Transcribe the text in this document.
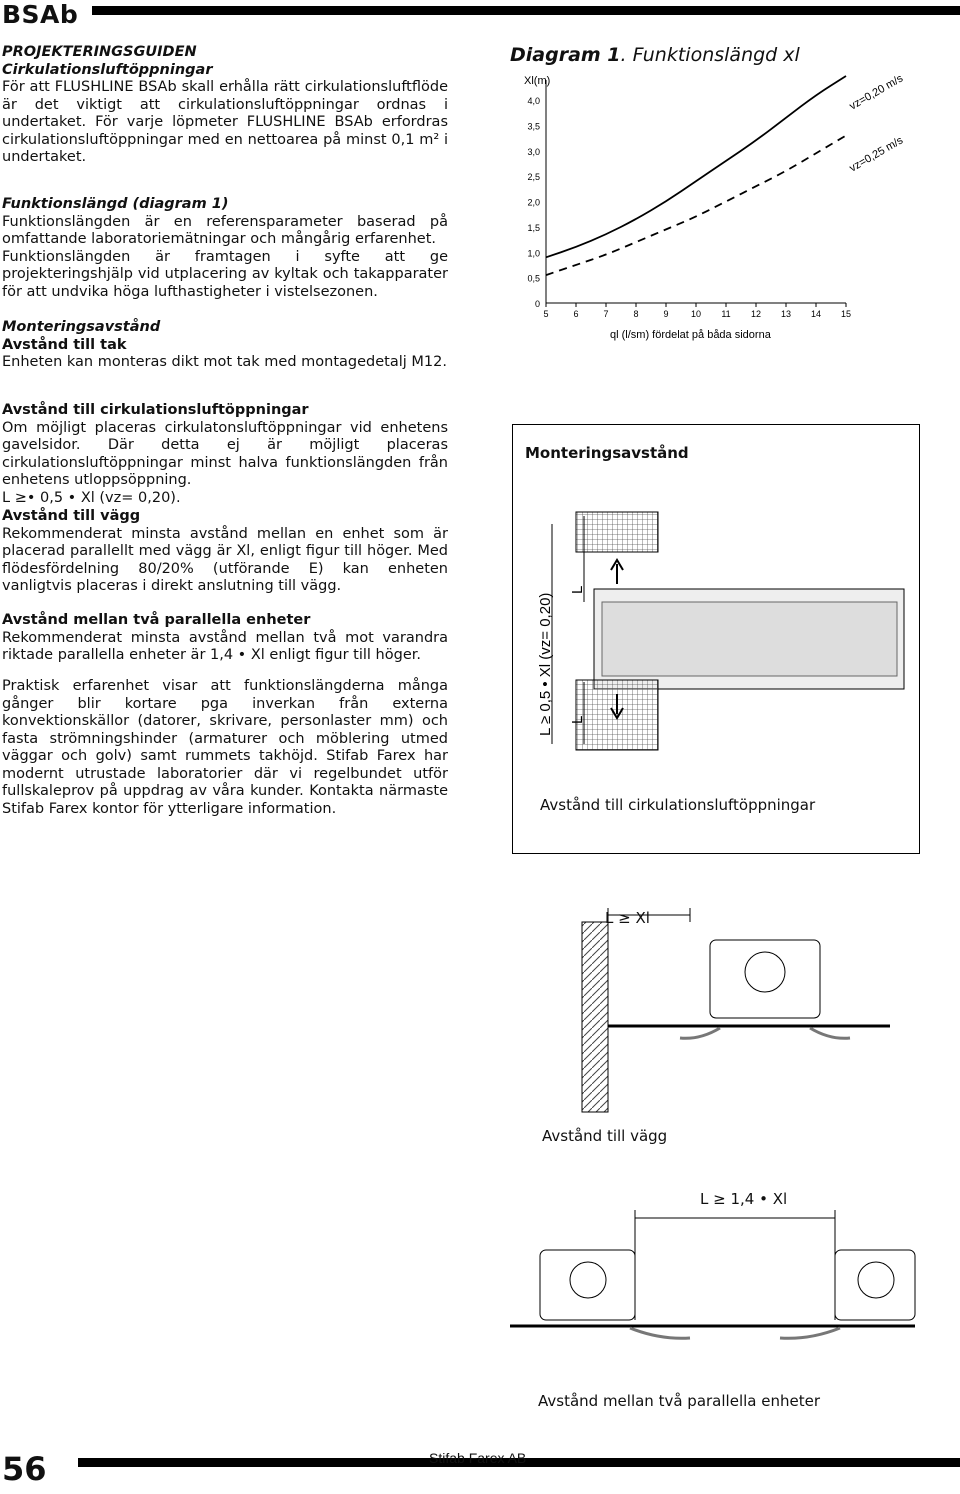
BSAb
56	Stifab Farex AB

PROJEKTERINGSGUIDEN

Cirkulationsluftöppningar

För att FLUSHLINE BSAb skall erhålla rätt cirkulationsluftflöde är det viktigt att cirkulationsluftöppningar ordnas i undertaket. För varje löpmeter FLUSHLINE BSAb erfordras cirkulationsluftöppningar med en nettoarea på minst 0,1 m² i undertaket.

Funktionslängd (diagram 1)

Funktionslängden är en referensparameter baserad på omfattande laboratoriemätningar och mångårig erfarenhet.

Funktionslängden är framtagen i syfte att ge projekteringshjälp vid utplacering av kyltak och takapparater för att undvika höga lufthastigheter i vistelsezonen.

Monteringsavstånd

Avstånd till tak

Enheten kan monteras dikt mot tak med montagedetalj M12.

Avstånd till cirkulationsluftöppningar

Om möjligt placeras cirkulatonsluftöppningar vid enhetens gavelsidor. Där detta ej är möjligt placeras cirkulationsluftöppningar minst halva funktionslängden från enhetens utloppsöppning.

L ≥• 0,5 • Xl (vz= 0,20).

Avstånd till vägg

Rekommenderat minsta avstånd mellan en enhet som är placerad parallellt med vägg är Xl, enligt figur till höger. Med flödesfördelning 80/20% (utförande E) kan enheten vanligtvis placeras i direkt anslutning till vägg.

Avstånd mellan två parallella enheter

Rekommenderat minsta avstånd mellan två mot varandra riktade parallella enheter är 1,4 • Xl enligt figur till höger.

Praktisk erfarenhet visar att funktionslängderna många gånger blir kortare pga inverkan från externa konvektionskällor (datorer, skrivare, personlaster mm) och fasta strömningshinder (armaturer och möblering utmed väggar och golv) samt rummets takhöjd. Stifab Farex har modernt utrustade laboratorier där vi regelbundet utför fullskaleprov på uppdrag av våra kunder. Kontakta närmaste Stifab Farex kontor för ytterligare information.

Diagram 1. Funktionslängd xl
0
0,5
1,0
1,5
2,0
2,5
3,0
3,5
4,0
5	6	7	8	9 10 11 12 13 14 15
Xl(m)
ql (l/sm) fördelat på båda sidorna
vz=0,20 m/s
vz=0,25 m/s
L ≥ 0,5 • Xl (vz= 0,20)
L
L
Monteringsavstånd
Avstånd till cirkulationsluftöppningar
L ≥ Xl
Avstånd till vägg
L ≥ 1,4 • Xl
Avstånd mellan två parallella enheter
